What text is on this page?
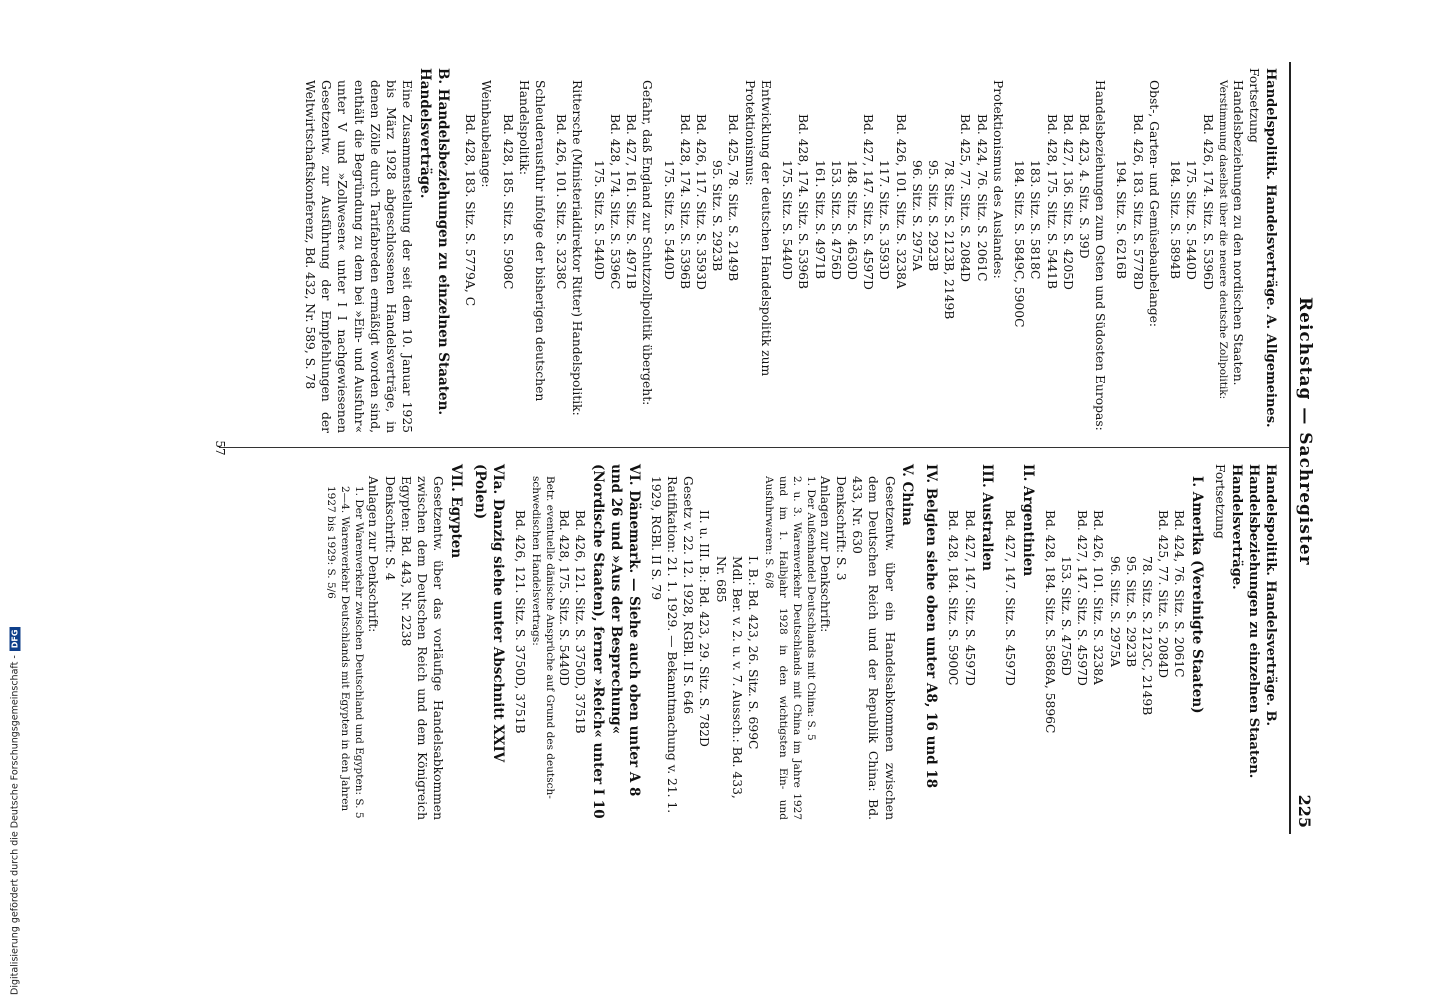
Digitalisierung gefördert durch die Deutsche Forschungsgemeinschaft -DFG
Reichstag — Sachregister
225
Handelspolitik. Handelsverträge. A. Allgemeines.
Fortsetzung
Handelsbeziehungen zu den nordischen Staaten.
Verstimmung daselbst über die neuere deutsche Zollpolitik:
Bd. 426, 174. Sitz. S. 5396D
175. Sitz. S. 5440D
184. Sitz. S. 5894B
Obst-, Garten- und Gemüsebaubelange:
Bd. 426, 183. Sitz. S. 5778D
194. Sitz. S. 6216B
Handelsbeziehungen zum Osten und Südosten Europas:
Bd. 423, 4. Sitz. S. 39D
Bd. 427, 136. Sitz. S. 4205D
Bd. 428, 175. Sitz. S. 5441B
183. Sitz. S. 5818C
184. Sitz. S. 5849C, 5900C
Protektionismus des Auslandes:
Bd. 424, 76. Sitz. S. 2061C
Bd. 425, 77. Sitz. S. 2084D
78. Sitz. S. 2123B, 2149B
95. Sitz. S. 2923B
96. Sitz. S. 2975A
Bd. 426, 101. Sitz. S. 3238A
117. Sitz. S. 3593D
Bd. 427, 147. Sitz. S. 4597D
148. Sitz. S. 4630D
153. Sitz. S. 4756D
161. Sitz. S. 4971B
Bd. 428, 174. Sitz. S. 5396B
175. Sitz. S. 5440D
Entwicklung der deutschen Handelspolitik zum Protektionismus:
Bd. 425, 78. Sitz. S. 2149B
95. Sitz. S. 2923B
Bd. 426, 117. Sitz. S. 3593D
Bd. 428, 174. Sitz. S. 5396B
175. Sitz. S. 5440D
Gefahr, daß England zur Schutzzollpolitik übergeht:
Bd. 427, 161. Sitz. S. 4971B
Bd. 428, 174. Sitz. S. 5396C
175. Sitz. S. 5440D
Rittersche (Ministerialdirektor Ritter) Handelspolitik:
Bd. 426, 101. Sitz. S. 3238C
Schleuderausfuhr infolge der bisherigen deutschen Handelspolitik:
Bd. 428, 185. Sitz. S. 5908C
Weinbaubelange:
Bd. 428, 183. Sitz. S. 5779A, C
B. Handelsbeziehungen zu einzelnen Staaten. Handelsverträge.
Eine Zusammenstellung der seit dem 10. Januar 1925 bis März 1928 abgeschlossenen Handelsverträge, in denen Zölle durch Tarifabreden ermäßigt worden sind, enthält die Begründung zu dem bei »Ein- und Ausfuhr« unter V und »Zollwesen« unter I I nachgewiesenen Gesetzentw. zur Ausführung der Empfehlungen der Weltwirtschaftskonferenz, Bd. 432, Nr. 589, S. 78
Handelspolitik. Handelsverträge. B. Handelsbeziehungen zu einzelnen Staaten. Handelsverträge.
Fortsetzung
I. Amerika (Vereinigte Staaten)
Bd. 424, 76. Sitz. S. 2061C
Bd. 425, 77. Sitz. S. 2084D
78. Sitz. S. 2123C, 2149B
95. Sitz. S. 2923B
96. Sitz. S. 2975A
Bd. 426, 101. Sitz. S. 3238A
Bd. 427, 147. Sitz. S. 4597D
153. Sitz. S. 4756D
Bd. 428, 184. Sitz. S. 5868A, 5896C
II. Argentinien
Bd. 427, 147. Sitz. S. 4597D
III. Australien
Bd. 427, 147. Sitz. S. 4597D
Bd. 428, 184. Sitz. S. 5900C
IV. Belgien siehe oben unter A8, 16 und 18
V. China
Gesetzentw. über ein Handelsabkommen zwischen dem Deutschen Reich und der Republik China: Bd. 433, Nr. 630
Denkschrift: S. 3
Anlagen zur Denkschrift:
1. Der Außenhandel Deutschlands mit China: S. 5
2. u. 3. Warenverkehr Deutschlands mit China im Jahre 1927 und im 1. Halbjahr 1928 in den wichtigsten Ein- und Ausfuhrwaren: S. 6/8
I. B.: Bd. 423, 26. Sitz. S. 699C
Mdl. Ber. v. 2. u. v. 7. Aussch.: Bd. 433,
Nr. 685
II. u. III. B.: Bd. 423, 29. Sitz. S. 782D
Gesetz v. 22. 12. 1928, RGBl. II S. 646
Ratifikation: 21. 1. 1929. — Bekanntmachung v. 21. 1. 1929, RGBl. II S. 79
VI. Dänemark. — Siehe auch oben unter A 8 und 26 und »Aus der Besprechung« (Nordische Staaten), ferner »Reich« unter I 10
Bd. 426, 121. Sitz. S. 3750D, 3751B
Bd. 428, 175. Sitz. S. 5440D
Betr. eventuelle dänische Ansprüche auf Grund des deutsch-schwedischen Handelsvertrags:
Bd. 426, 121. Sitz. S. 3750D, 3751B
VIa. Danzig siehe unter Abschnitt XXIV (Polen)
VII. Egypten
Gesetzentw. über das vorläufige Handelsabkommen zwischen dem Deutschen Reich und dem Königreich Egypten: Bd. 443, Nr. 2238
Denkschrift: S. 4
Anlagen zur Denkschrift:
1. Der Warenverkehr zwischen Deutschland und Egypten: S. 5
2—4. Warenverkehr Deutschlands mit Egypten in den Jahren 1927 bis 1929: S. 5/6
57
